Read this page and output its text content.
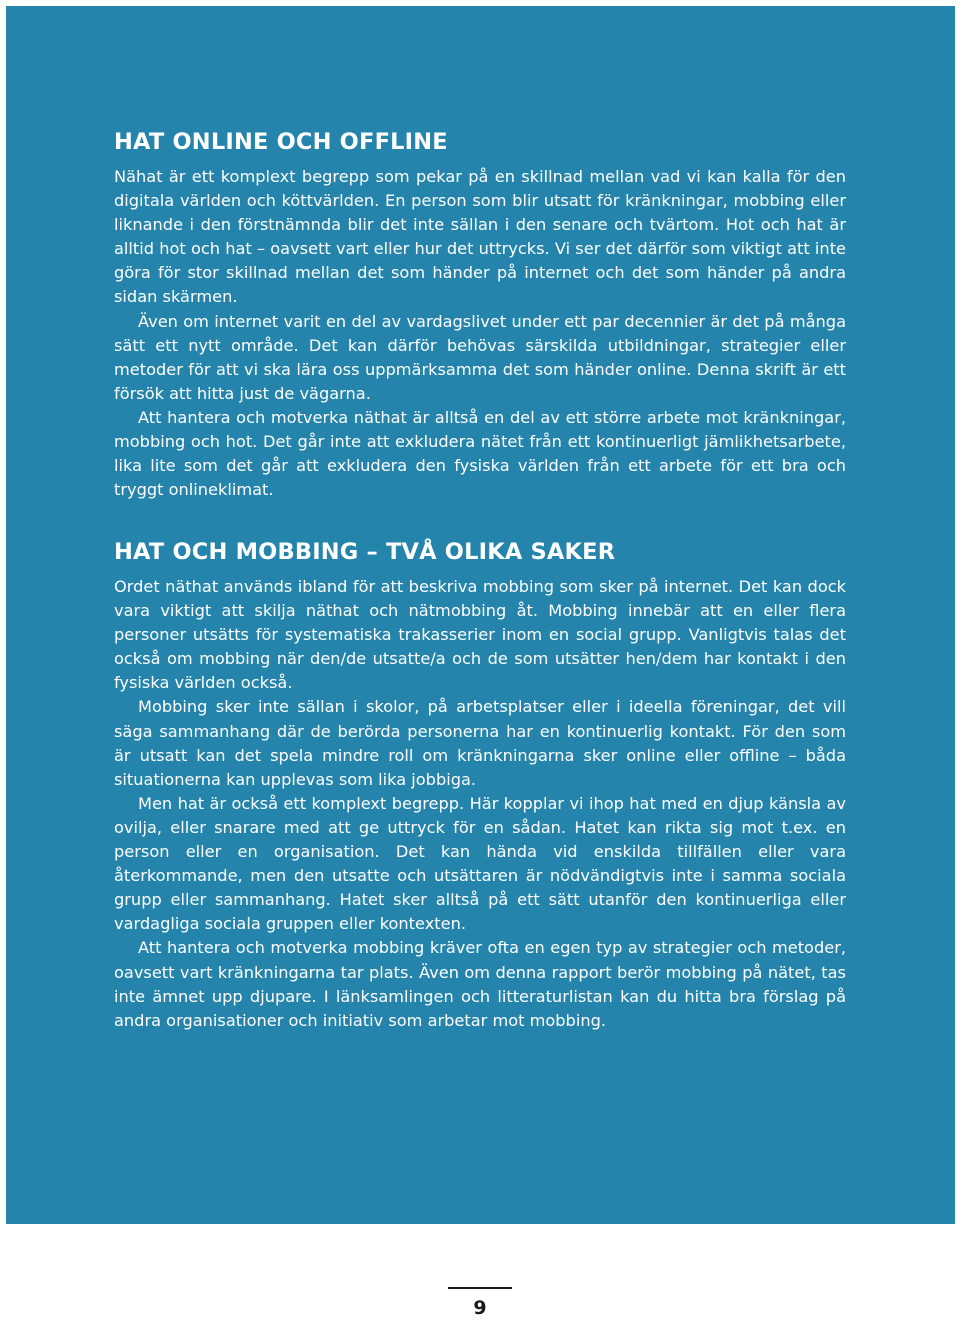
HAT ONLINE OCH OFFLINE

Nähat är ett komplext begrepp som pekar på en skillnad mellan vad vi kan kalla för den digitala världen och köttvärlden. En person som blir utsatt för kränkningar, mobbing eller liknande i den förstnämnda blir det inte sällan i den senare och tvärtom. Hot och hat är alltid hot och hat – oavsett vart eller hur det uttrycks. Vi ser det därför som viktigt att inte göra för stor skillnad mellan det som händer på internet och det som händer på andra sidan skärmen.

Även om internet varit en del av vardagslivet under ett par decennier är det på många sätt ett nytt område. Det kan därför behövas särskilda utbildningar, strategier eller metoder för att vi ska lära oss uppmärksamma det som händer online. Denna skrift är ett försök att hitta just de vägarna.

Att hantera och motverka näthat är alltså en del av ett större arbete mot kränkningar, mobbing och hot. Det går inte att exkludera nätet från ett kontinuerligt jämlikhetsarbete, lika lite som det går att exkludera den fysiska världen från ett arbete för ett bra och tryggt onlineklimat.

HAT OCH MOBBING – TVÅ OLIKA SAKER

Ordet näthat används ibland för att beskriva mobbing som sker på internet. Det kan dock vara viktigt att skilja näthat och nätmobbing åt. Mobbing innebär att en eller flera personer utsätts för systematiska trakasserier inom en social grupp. Vanligtvis talas det också om mobbing när den/de utsatte/a och de som utsätter hen/dem har kontakt i den fysiska världen också.

Mobbing sker inte sällan i skolor, på arbetsplatser eller i ideella föreningar, det vill säga sammanhang där de berörda personerna har en kontinuerlig kontakt. För den som är utsatt kan det spela mindre roll om kränkningarna sker online eller offline – båda situationerna kan upplevas som lika jobbiga.

Men hat är också ett komplext begrepp. Här kopplar vi ihop hat med en djup känsla av ovilja, eller snarare med att ge uttryck för en sådan. Hatet kan rikta sig mot t.ex. en person eller en organisation. Det kan hända vid enskilda tillfällen eller vara återkommande, men den utsatte och utsättaren är nödvändigtvis inte i samma sociala grupp eller sammanhang. Hatet sker alltså på ett sätt utanför den kontinuerliga eller vardagliga sociala gruppen eller kontexten.

Att hantera och motverka mobbing kräver ofta en egen typ av strategier och metoder, oavsett vart kränkningarna tar plats. Även om denna rapport berör mobbing på nätet, tas inte ämnet upp djupare. I länksamlingen och litteraturlistan kan du hitta bra förslag på andra organisationer och initiativ som arbetar mot mobbing.

9
